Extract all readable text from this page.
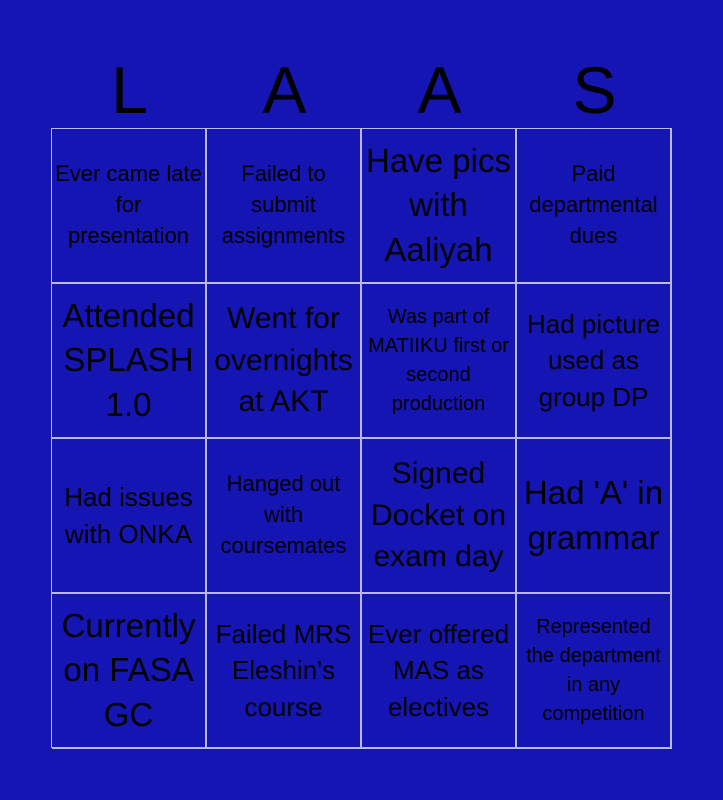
L	A	A	S
Ever came late for presentation
Failed to submit assignments
Have pics with Aaliyah
Paid departmental dues
Attended SPLASH 1.0
Went for overnights at AKT
Was part of MATIIKU first or second production
Had picture used as group DP
Had issues with ONKA
Hanged out with coursemates
Signed Docket on exam day
Had 'A' in grammar
Currently on FASA GC
Failed MRS Eleshin's course
Ever offered MAS as electives
Represented the department in any competition
